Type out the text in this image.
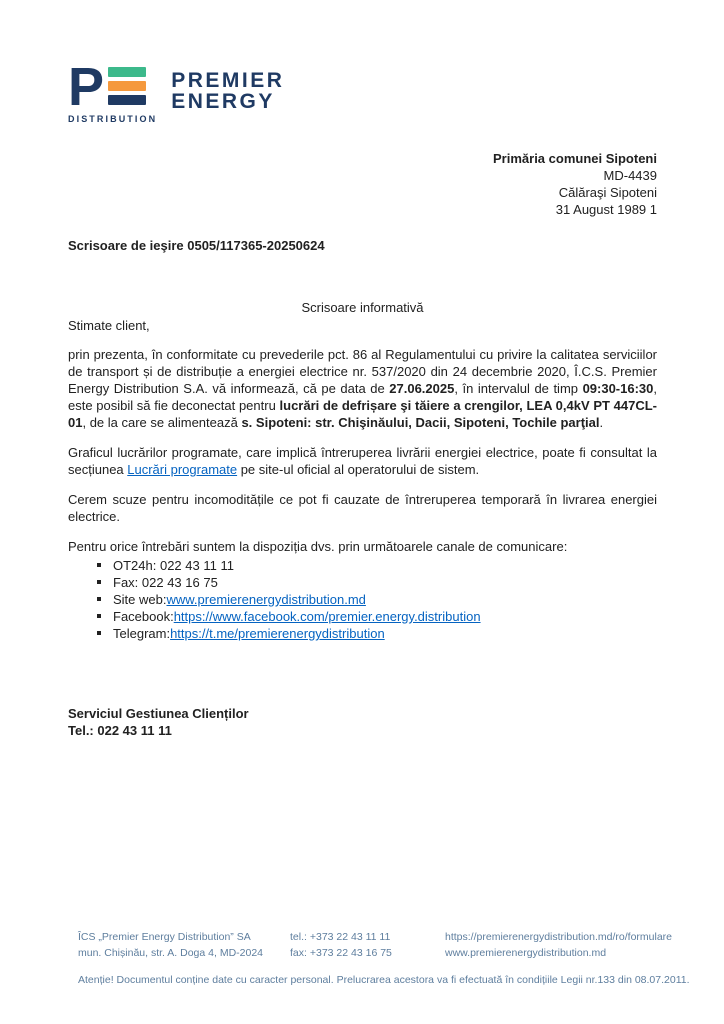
P
DISTRIBUTION
PREMIER
ENERGY
Primăria comunei Sipoteni
MD-4439
Călăraşi Sipoteni
31 August 1989 1
Scrisoare de ieşire 0505/117365-20250624
Scrisoare informativă
Stimate client,

prin prezenta, în conformitate cu prevederile pct. 86 al Regulamentului cu privire la calitatea serviciilor de transport și de distribuție a energiei electrice nr. 537/2020 din 24 decembrie 2020, Î.C.S. Premier Energy Distribution S.A. vă informează, că pe data de 27.06.2025, în intervalul de timp 09:30-16:30, este posibil să fie deconectat pentru lucrări de defrișare şi tăiere a crengilor, LEA 0,4kV PT 447CL-01, de la care se alimentează s. Sipoteni: str. Chişinăului, Dacii, Sipoteni, Tochile parţial.

Graficul lucrărilor programate, care implică întreruperea livrării energiei electrice, poate fi consultat la secțiunea Lucrări programate pe site-ul oficial al operatorului de sistem.

Cerem scuze pentru incomoditățile ce pot fi cauzate de întreruperea temporară în livrarea energiei electrice.

Pentru orice întrebări suntem la dispoziția dvs. prin următoarele canale de comunicare:

OT24h: 022 43 11 11
Fax: 022 43 16 75
Site web: www.premierenergydistribution.md
Facebook: https://www.facebook.com/premier.energy.distribution
Telegram: https://t.me/premierenergydistribution
Serviciul Gestiunea Clienților
Tel.: 022 43 11 11
ÎCS „Premier Energy Distribution” SA
mun. Chișinău, str. A. Doga 4, MD-2024
tel.: +373 22 43 11 11
fax: +373 22 43 16 75
https://premierenergydistribution.md/ro/formulare
www.premierenergydistribution.md
Atenție! Documentul conține date cu caracter personal. Prelucrarea acestora va fi efectuată în condițiile Legii nr.133 din 08.07.2011.
